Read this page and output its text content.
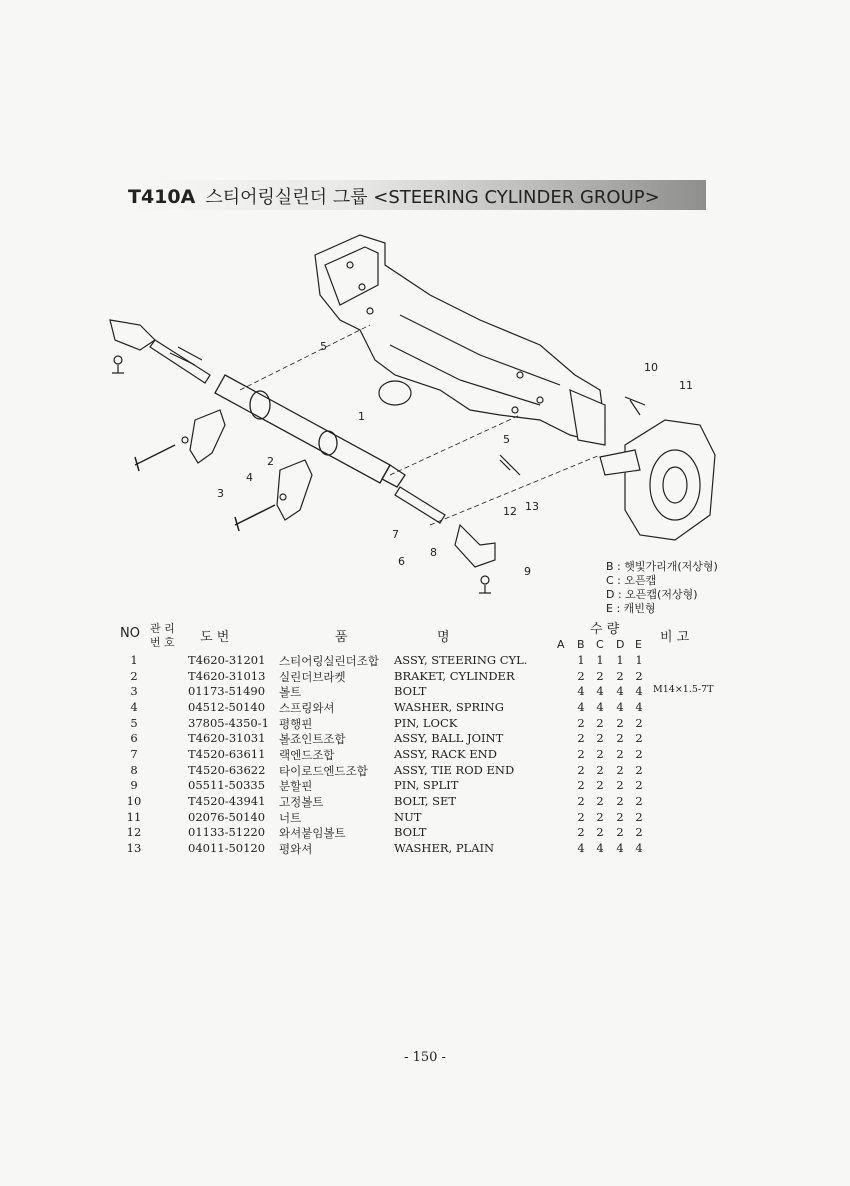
T410A 스티어링실린더 그룹 <STEERING CYLINDER GROUP>
1
2
3
4
5
5
6
7
8
9
10
11
12 13
B : 햇빛가리개(저상형)
C : 오픈캡
D : 오픈캡(저상형)
E : 캐빈형
NO 관 리
번 호 도 번	품	명
수 량
A B C D E 비 고
1	T4620-31201 스티어링실린더조합 ASSY, STEERING CYL.	1 1 1 1
2	T4620-31013 실린더브라켓	BRAKET, CYLINDER	2 2 2 2
3	01173-51490 볼트	BOLT	4 4 4 4 M14×1.5-7T
4	04512-50140 스프링와셔	WASHER, SPRING	4 4 4 4
5	37805-4350-1 평행핀	PIN, LOCK	2 2 2 2
6	T4620-31031 볼죠인트조합	ASSY, BALL JOINT	2 2 2 2
7	T4520-63611 랙엔드조합	ASSY, RACK END	2 2 2 2
8	T4520-63622 타이로드엔드조합 ASSY, TIE ROD END	2 2 2 2
9	05511-50335 분할핀	PIN, SPLIT	2 2 2 2
10	T4520-43941 고정볼트	BOLT, SET	2 2 2 2
11	02076-50140 너트	NUT	2 2 2 2
12	01133-51220 와셔붙임볼트	BOLT	2 2 2 2
13	04011-50120 평와셔	WASHER, PLAIN	4 4 4 4
- 150 -
